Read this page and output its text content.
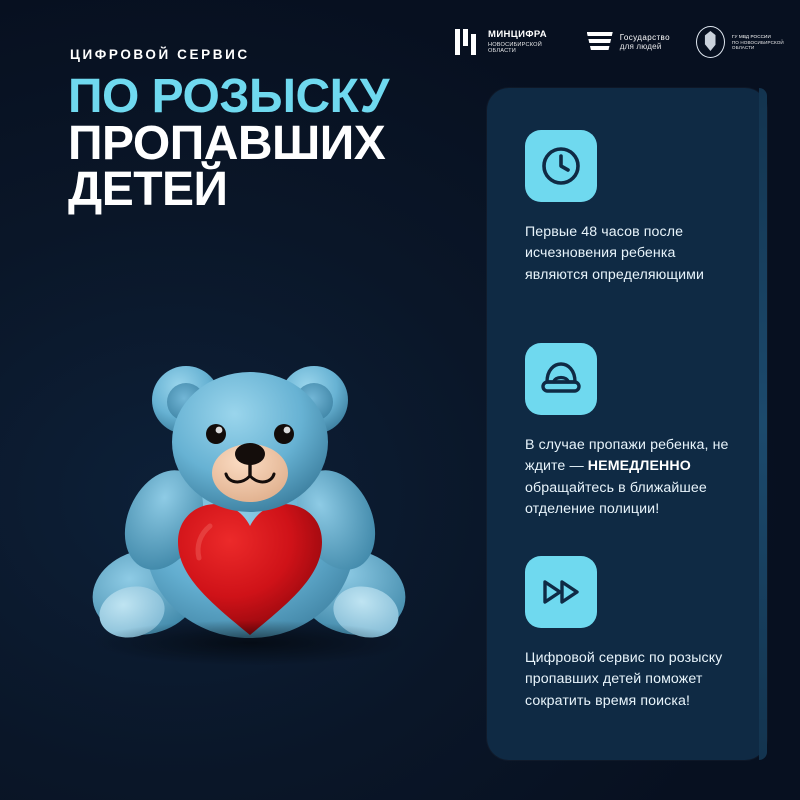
МИНЦИФРА
НОВОСИБИРСКОЙ ОБЛАСТИ
Государство
для людей
ГУ МВД РОССИИ
ПО НОВОСИБИРСКОЙ ОБЛАСТИ
ЦИФРОВОЙ СЕРВИС
ПО РОЗЫСКУ
ПРОПАВШИХ
ДЕТЕЙ
Первые 48 часов после исчезновения ребенка являются определяющими
В случае пропажи ребенка, не ждите — НЕМЕДЛЕННО обращайтесь в ближайшее отделение полиции!
Цифровой сервис по розыску пропавших детей поможет сократить время поиска!
